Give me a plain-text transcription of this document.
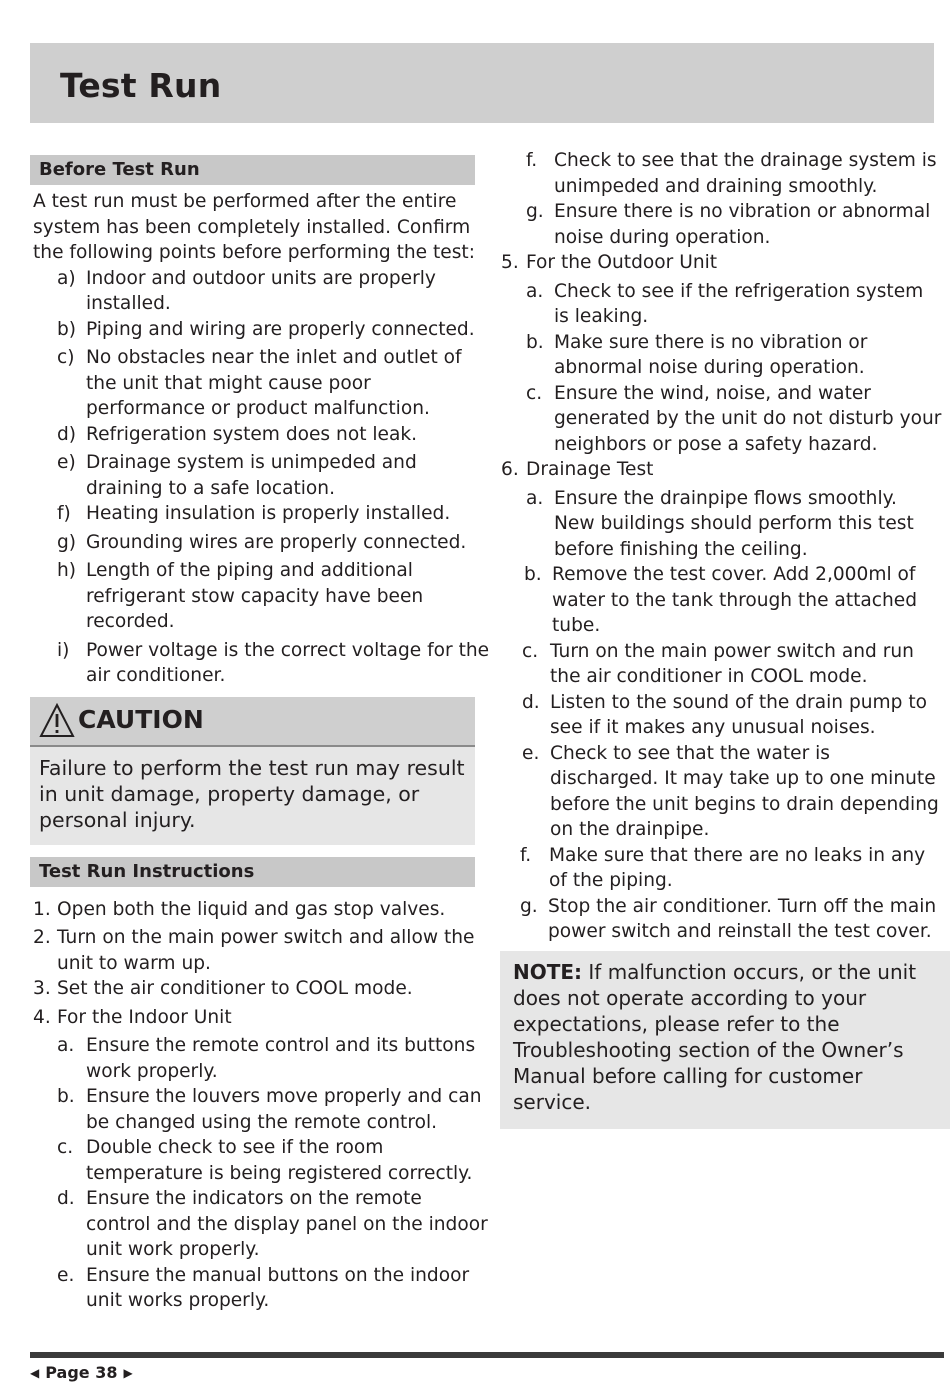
Test Run
Before Test Run
A test run must be performed after the entire system has been completely installed. Confirm the following points before performing the test:
a) Indoor and outdoor units are properly installed.
b) Piping and wiring are properly connected.
c) No obstacles near the inlet and outlet of the unit that might cause poor performance or product malfunction.
d) Refrigeration system does not leak.
e) Drainage system is unimpeded and draining to a safe location.
f) Heating insulation is properly installed.
g) Grounding wires are properly connected.
h) Length of the piping and additional refrigerant stow capacity have been recorded.
i) Power voltage is the correct voltage for the air conditioner.
CAUTION
Failure to perform the test run may result in unit damage, property damage, or personal injury.
Test Run Instructions
1. Open both the liquid and gas stop valves.
2. Turn on the main power switch and allow the unit to warm up.
3. Set the air conditioner to COOL mode.
4. For the Indoor Unit
a. Ensure the remote control and its buttons work properly.
b. Ensure the louvers move properly and can be changed using the remote control.
c. Double check to see if the room temperature is being registered correctly.
d. Ensure the indicators on the remote control and the display panel on the indoor unit work properly.
e. Ensure the manual buttons on the indoor unit works properly.
f. Check to see that the drainage system is unimpeded and draining smoothly.
g. Ensure there is no vibration or abnormal noise during operation.
5. For the Outdoor Unit
a. Check to see if the refrigeration system is leaking.
b. Make sure there is no vibration or abnormal noise during operation.
c. Ensure the wind, noise, and water generated by the unit do not disturb your neighbors or pose a safety hazard.
6. Drainage Test
a. Ensure the drainpipe flows smoothly. New buildings should perform this test before finishing the ceiling.
b. Remove the test cover. Add 2,000ml of water to the tank through the attached tube.
c. Turn on the main power switch and run the air conditioner in COOL mode.
d. Listen to the sound of the drain pump to see if it makes any unusual noises.
e. Check to see that the water is discharged. It may take up to one minute before the unit begins to drain depending on the drainpipe.
f. Make sure that there are no leaks in any of the piping.
g. Stop the air conditioner. Turn off the main power switch and reinstall the test cover.
NOTE: If malfunction occurs, or the unit does not operate according to your expectations, please refer to the Troubleshooting section of the Owner’s Manual before calling for customer service.
◀ Page 38 ▶
